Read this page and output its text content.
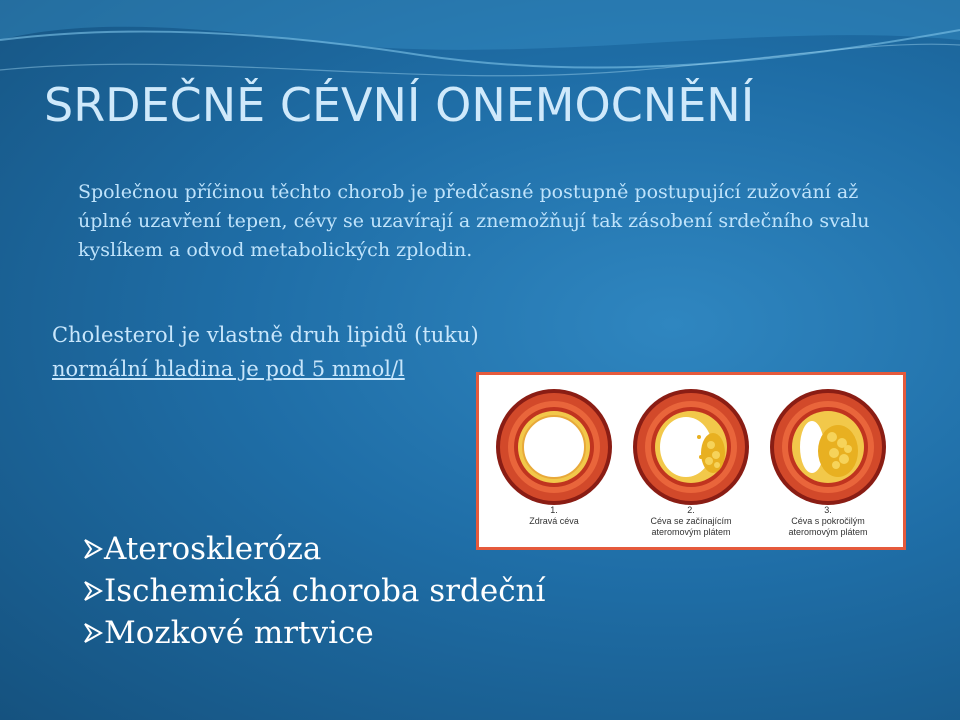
SRDEČNĚ CÉVNÍ ONEMOCNĚNÍ

Společnou příčinou těchto chorob je předčasné postupně postupující zužování až úplné uzavření tepen, cévy se uzavírají a znemožňují tak zásobení srdečního svalu kyslíkem a odvod metabolických zplodin.

Cholesterol je vlastně druh lipidů (tuku)
normální hladina je pod 5 mmol/l
1.
Zdravá céva
2.
Céva se začínajícím
ateromovým plátem
3.
Céva s pokročilým
ateromovým plátem
Ateroskleróza
Ischemická choroba srdeční
Mozkové mrtvice
